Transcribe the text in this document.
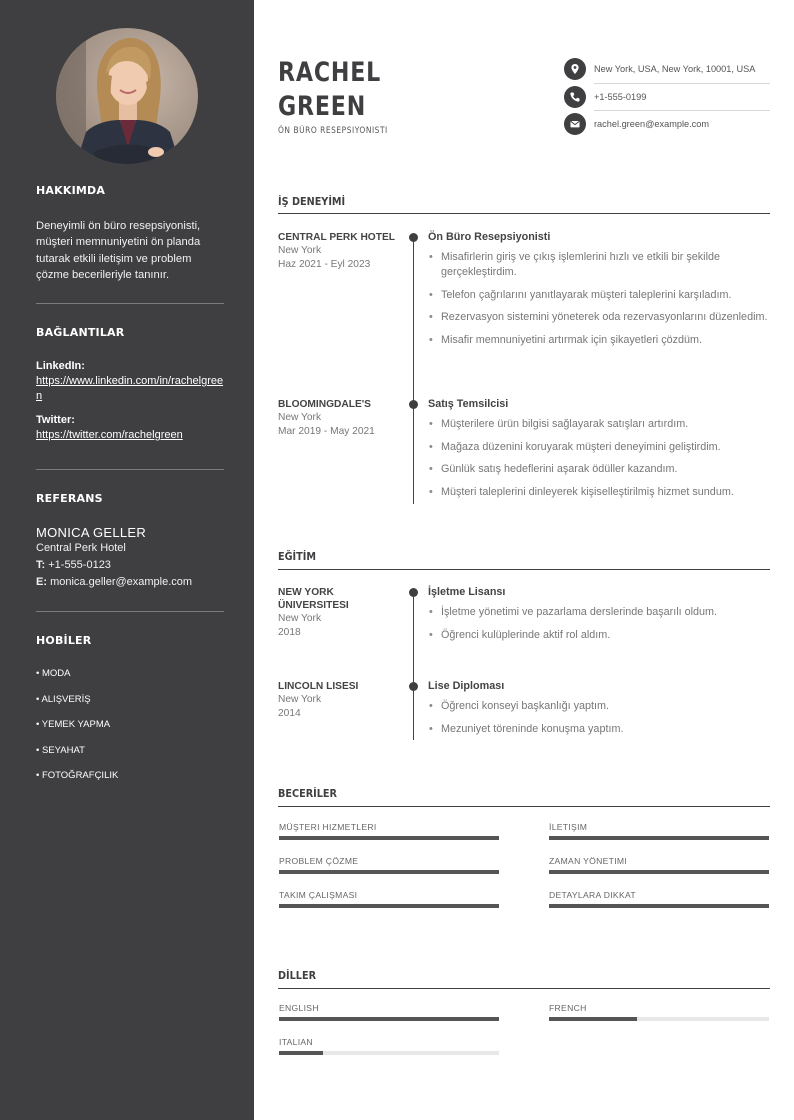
HAKKIMDA
Deneyimli ön büro resepsiyonisti, müşteri memnuniyetini ön planda tutarak etkili iletişim ve problem çözme becerileriyle tanınır.
BAĞLANTILAR
LinkedIn:
https://www.linkedin.com/in/rachelgreen
Twitter:
https://twitter.com/rachelgreen
REFERANS
MONICA GELLER
Central Perk Hotel
T: +1-555-0123
E: monica.geller@example.com
HOBİLER
• MODA
• ALIŞVERİŞ
• YEMEK YAPMA
• SEYAHAT
• FOTOĞRAFÇILIK
RACHEL
GREEN
ÖN BÜRO RESEPSIYONISTI
New York, USA, New York, 10001, USA
+1-555-0199
rachel.green@example.com
İŞ DENEYİMİ
CENTRAL PERK HOTEL
New York
Haz 2021 - Eyl 2023
Ön Büro Resepsiyonisti
• Misafirlerin giriş ve çıkış işlemlerini hızlı ve etkili bir şekilde gerçekleştirdim.
• Telefon çağrılarını yanıtlayarak müşteri taleplerini karşıladım.
• Rezervasyon sistemini yöneterek oda rezervasyonlarını düzenledim.
• Misafir memnuniyetini artırmak için şikayetleri çözdüm.
BLOOMINGDALE'S
New York
Mar 2019 - May 2021
Satış Temsilcisi
• Müşterilere ürün bilgisi sağlayarak satışları artırdım.
• Mağaza düzenini koruyarak müşteri deneyimini geliştirdim.
• Günlük satış hedeflerini aşarak ödüller kazandım.
• Müşteri taleplerini dinleyerek kişiselleştirilmiş hizmet sundum.
EĞİTİM
NEW YORK ÜNIVERSITESI
New York
2018
İşletme Lisansı
• İşletme yönetimi ve pazarlama derslerinde başarılı oldum.
• Öğrenci kulüplerinde aktif rol aldım.
LINCOLN LISESI
New York
2014
Lise Diploması
• Öğrenci konseyi başkanlığı yaptım.
• Mezuniyet töreninde konuşma yaptım.
BECERİLER
MÜŞTERI HIZMETLERI	İLETIŞIM
PROBLEM ÇÖZME	ZAMAN YÖNETIMI
TAKIM ÇALIŞMASI	DETAYLARA DIKKAT
DİLLER
ENGLISH	FRENCH
ITALIAN
